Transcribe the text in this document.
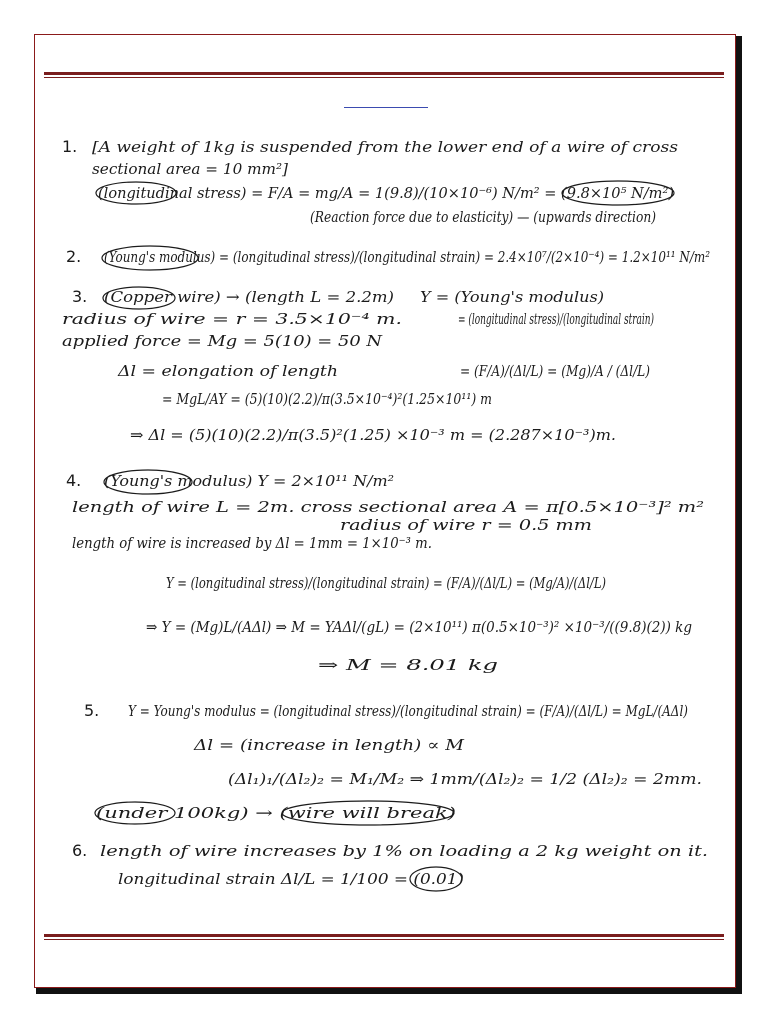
1. [A weight of 1kg is suspended from the lower end of a wire of cross
sectional area = 10 mm²]
(longitudinal stress) = F/A = mg/A = 1(9.8)/(10×10⁻⁶) N/m² = (9.8×10⁵ N/m²)
(Reaction force due to elasticity) — (upwards direction)
2. (Young's modulus) = (longitudinal stress)/(longitudinal strain) = 2.4×10⁷/(2×10⁻⁴) = 1.2×10¹¹ N/m²
3. (Copper wire) → (length L = 2.2m)
radius of wire = r = 3.5×10⁻⁴ m.
applied force = Mg = 5(10) = 50 N
Δl = elongation of length
Y = (Young's modulus)
= (longitudinal stress)/(longitudinal strain)
= (F/A)/(Δl/L) = (Mg)/A / (Δl/L)
= MgL/AY = (5)(10)(2.2)/π(3.5×10⁻⁴)²(1.25×10¹¹) m
⇒ Δl = (5)(10)(2.2)/π(3.5)²(1.25) ×10⁻³ m = (2.287×10⁻³)m.
4. (Young's modulus) Y = 2×10¹¹ N/m²
length of wire L = 2m. cross sectional area A = π[0.5×10⁻³]² m²
radius of wire r = 0.5 mm
length of wire is increased by Δl = 1mm = 1×10⁻³ m.
Y = (longitudinal stress)/(longitudinal strain) = (F/A)/(Δl/L) = (Mg/A)/(Δl/L)
⇒ Y = (Mg)L/(AΔl) ⇒ M = YAΔl/(gL) = (2×10¹¹) π(0.5×10⁻³)² ×10⁻³/((9.8)(2)) kg
⇒ M = 8.01 kg
5. Y = Young's modulus = (longitudinal stress)/(longitudinal strain) = (F/A)/(Δl/L) = MgL/(AΔl)
Δl = (increase in length) ∝ M
(Δl₁)₁/(Δl₂)₂ = M₁/M₂ ⇒ 1mm/(Δl₂)₂ = 1/2 (Δl₂)₂ = 2mm.
(under 100kg) → (wire will break)
6. length of wire increases by 1% on loading a 2 kg weight on it.
longitudinal strain Δl/L = 1/100 = (0.01)
